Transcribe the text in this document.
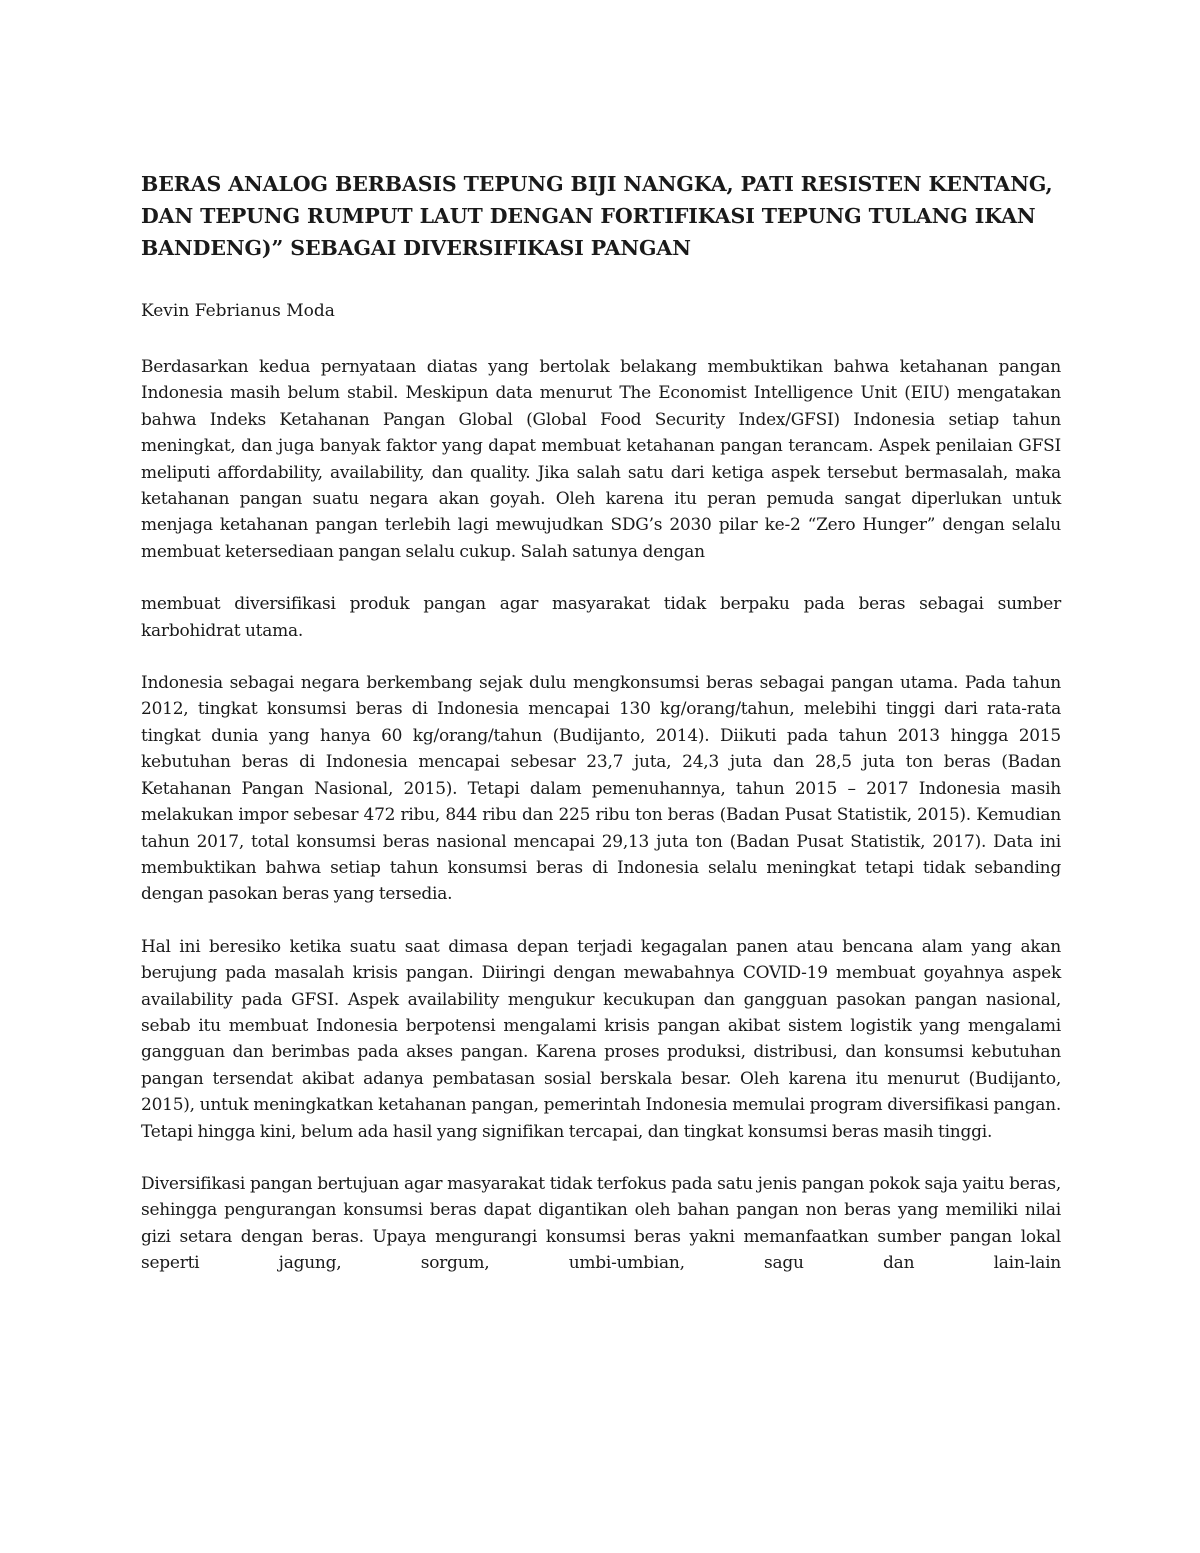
BERAS ANALOG BERBASIS TEPUNG BIJI NANGKA, PATI RESISTEN KENTANG, DAN TEPUNG RUMPUT LAUT DENGAN FORTIFIKASI TEPUNG TULANG IKAN BANDENG)” SEBAGAI DIVERSIFIKASI PANGAN

Kevin Febrianus Moda

Berdasarkan kedua pernyataan diatas yang bertolak belakang membuktikan bahwa ketahanan pangan Indonesia masih belum stabil. Meskipun data menurut The Economist Intelligence Unit (EIU) mengatakan bahwa Indeks Ketahanan Pangan Global (Global Food Security Index/GFSI) Indonesia setiap tahun meningkat, dan juga banyak faktor yang dapat membuat ketahanan pangan terancam. Aspek penilaian GFSI meliputi affordability, availability, dan quality. Jika salah satu dari ketiga aspek tersebut bermasalah, maka ketahanan pangan suatu negara akan goyah. Oleh karena itu peran pemuda sangat diperlukan untuk menjaga ketahanan pangan terlebih lagi mewujudkan SDG’s 2030 pilar ke-2 “Zero Hunger” dengan selalu membuat ketersediaan pangan selalu cukup. Salah satunya dengan

membuat diversifikasi produk pangan agar masyarakat tidak berpaku pada beras sebagai sumber karbohidrat utama.

Indonesia sebagai negara berkembang sejak dulu mengkonsumsi beras sebagai pangan utama. Pada tahun 2012, tingkat konsumsi beras di Indonesia mencapai 130 kg/orang/tahun, melebihi tinggi dari rata-rata tingkat dunia yang hanya 60 kg/orang/tahun (Budijanto, 2014). Diikuti pada tahun 2013 hingga 2015 kebutuhan beras di Indonesia mencapai sebesar 23,7 juta, 24,3 juta dan 28,5 juta ton beras (Badan Ketahanan Pangan Nasional, 2015). Tetapi dalam pemenuhannya, tahun 2015 – 2017 Indonesia masih melakukan impor sebesar 472 ribu, 844 ribu dan 225 ribu ton beras (Badan Pusat Statistik, 2015). Kemudian tahun 2017, total konsumsi beras nasional mencapai 29,13 juta ton (Badan Pusat Statistik, 2017). Data ini membuktikan bahwa setiap tahun konsumsi beras di Indonesia selalu meningkat tetapi tidak sebanding dengan pasokan beras yang tersedia.

Hal ini beresiko ketika suatu saat dimasa depan terjadi kegagalan panen atau bencana alam yang akan berujung pada masalah krisis pangan. Diiringi dengan mewabahnya COVID-19 membuat goyahnya aspek availability pada GFSI. Aspek availability mengukur kecukupan dan gangguan pasokan pangan nasional, sebab itu membuat Indonesia berpotensi mengalami krisis pangan akibat sistem logistik yang mengalami gangguan dan berimbas pada akses pangan. Karena proses produksi, distribusi, dan konsumsi kebutuhan pangan tersendat akibat adanya pembatasan sosial berskala besar. Oleh karena itu menurut (Budijanto, 2015), untuk meningkatkan ketahanan pangan, pemerintah Indonesia memulai program diversifikasi pangan. Tetapi hingga kini, belum ada hasil yang signifikan tercapai, dan tingkat konsumsi beras masih tinggi.

Diversifikasi pangan bertujuan agar masyarakat tidak terfokus pada satu jenis pangan pokok saja yaitu beras, sehingga pengurangan konsumsi beras dapat digantikan oleh bahan pangan non beras yang memiliki nilai gizi setara dengan beras. Upaya mengurangi konsumsi beras yakni memanfaatkan sumber pangan lokal seperti jagung, sorgum, umbi-umbian, sagu dan lain-lain
